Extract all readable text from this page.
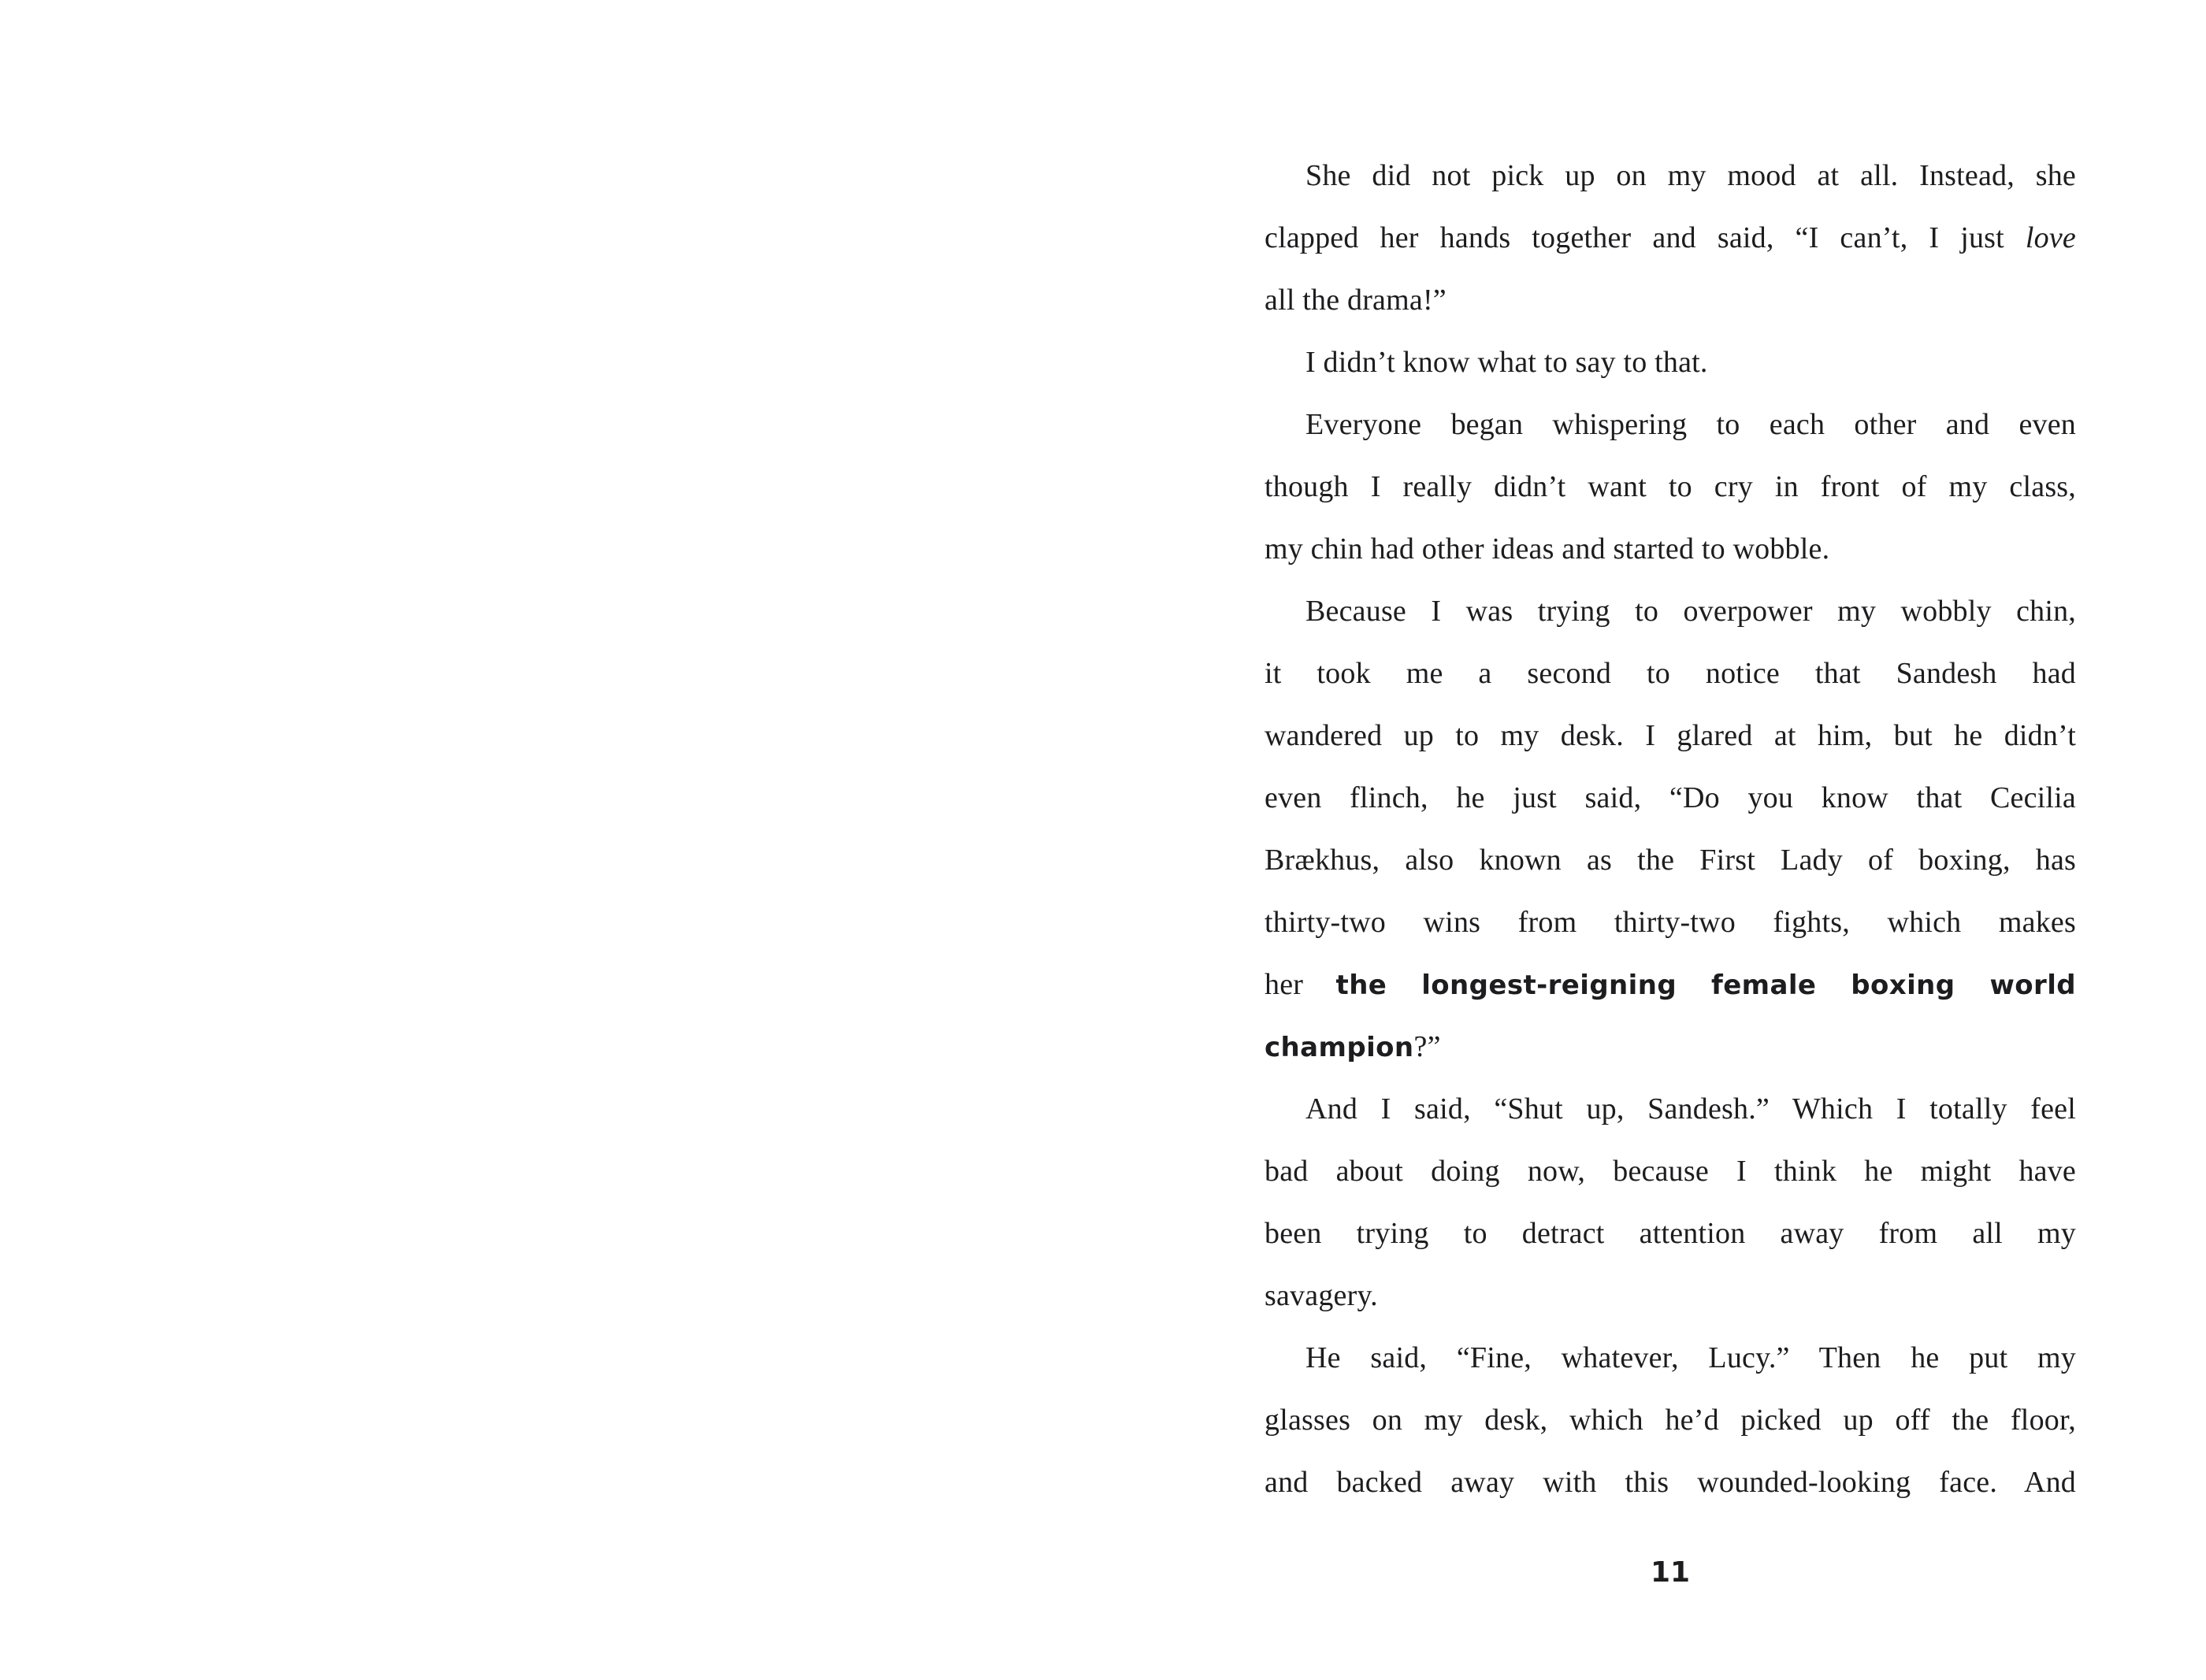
She did not pick up on my mood at all. Instead, she
clapped her hands together and said, “I can’t, I just love
all the drama!”
I didn’t know what to say to that.
Everyone began whispering to each other and even
though I really didn’t want to cry in front of my class,
my chin had other ideas and started to wobble.
Because I was trying to overpower my wobbly chin,
it took me a second to notice that Sandesh had
wandered up to my desk. I glared at him, but he didn’t
even flinch, he just said, “Do you know that Cecilia
Brækhus, also known as the First Lady of boxing, has
thirty-two wins from thirty-two fights, which makes
her the longest-reigning female boxing world
champion?”
And I said, “Shut up, Sandesh.” Which I totally feel
bad about doing now, because I think he might have
been trying to detract attention away from all my
savagery.
He said, “Fine, whatever, Lucy.” Then he put my
glasses on my desk, which he’d picked up off the floor,
and backed away with this wounded-looking face. And
11
